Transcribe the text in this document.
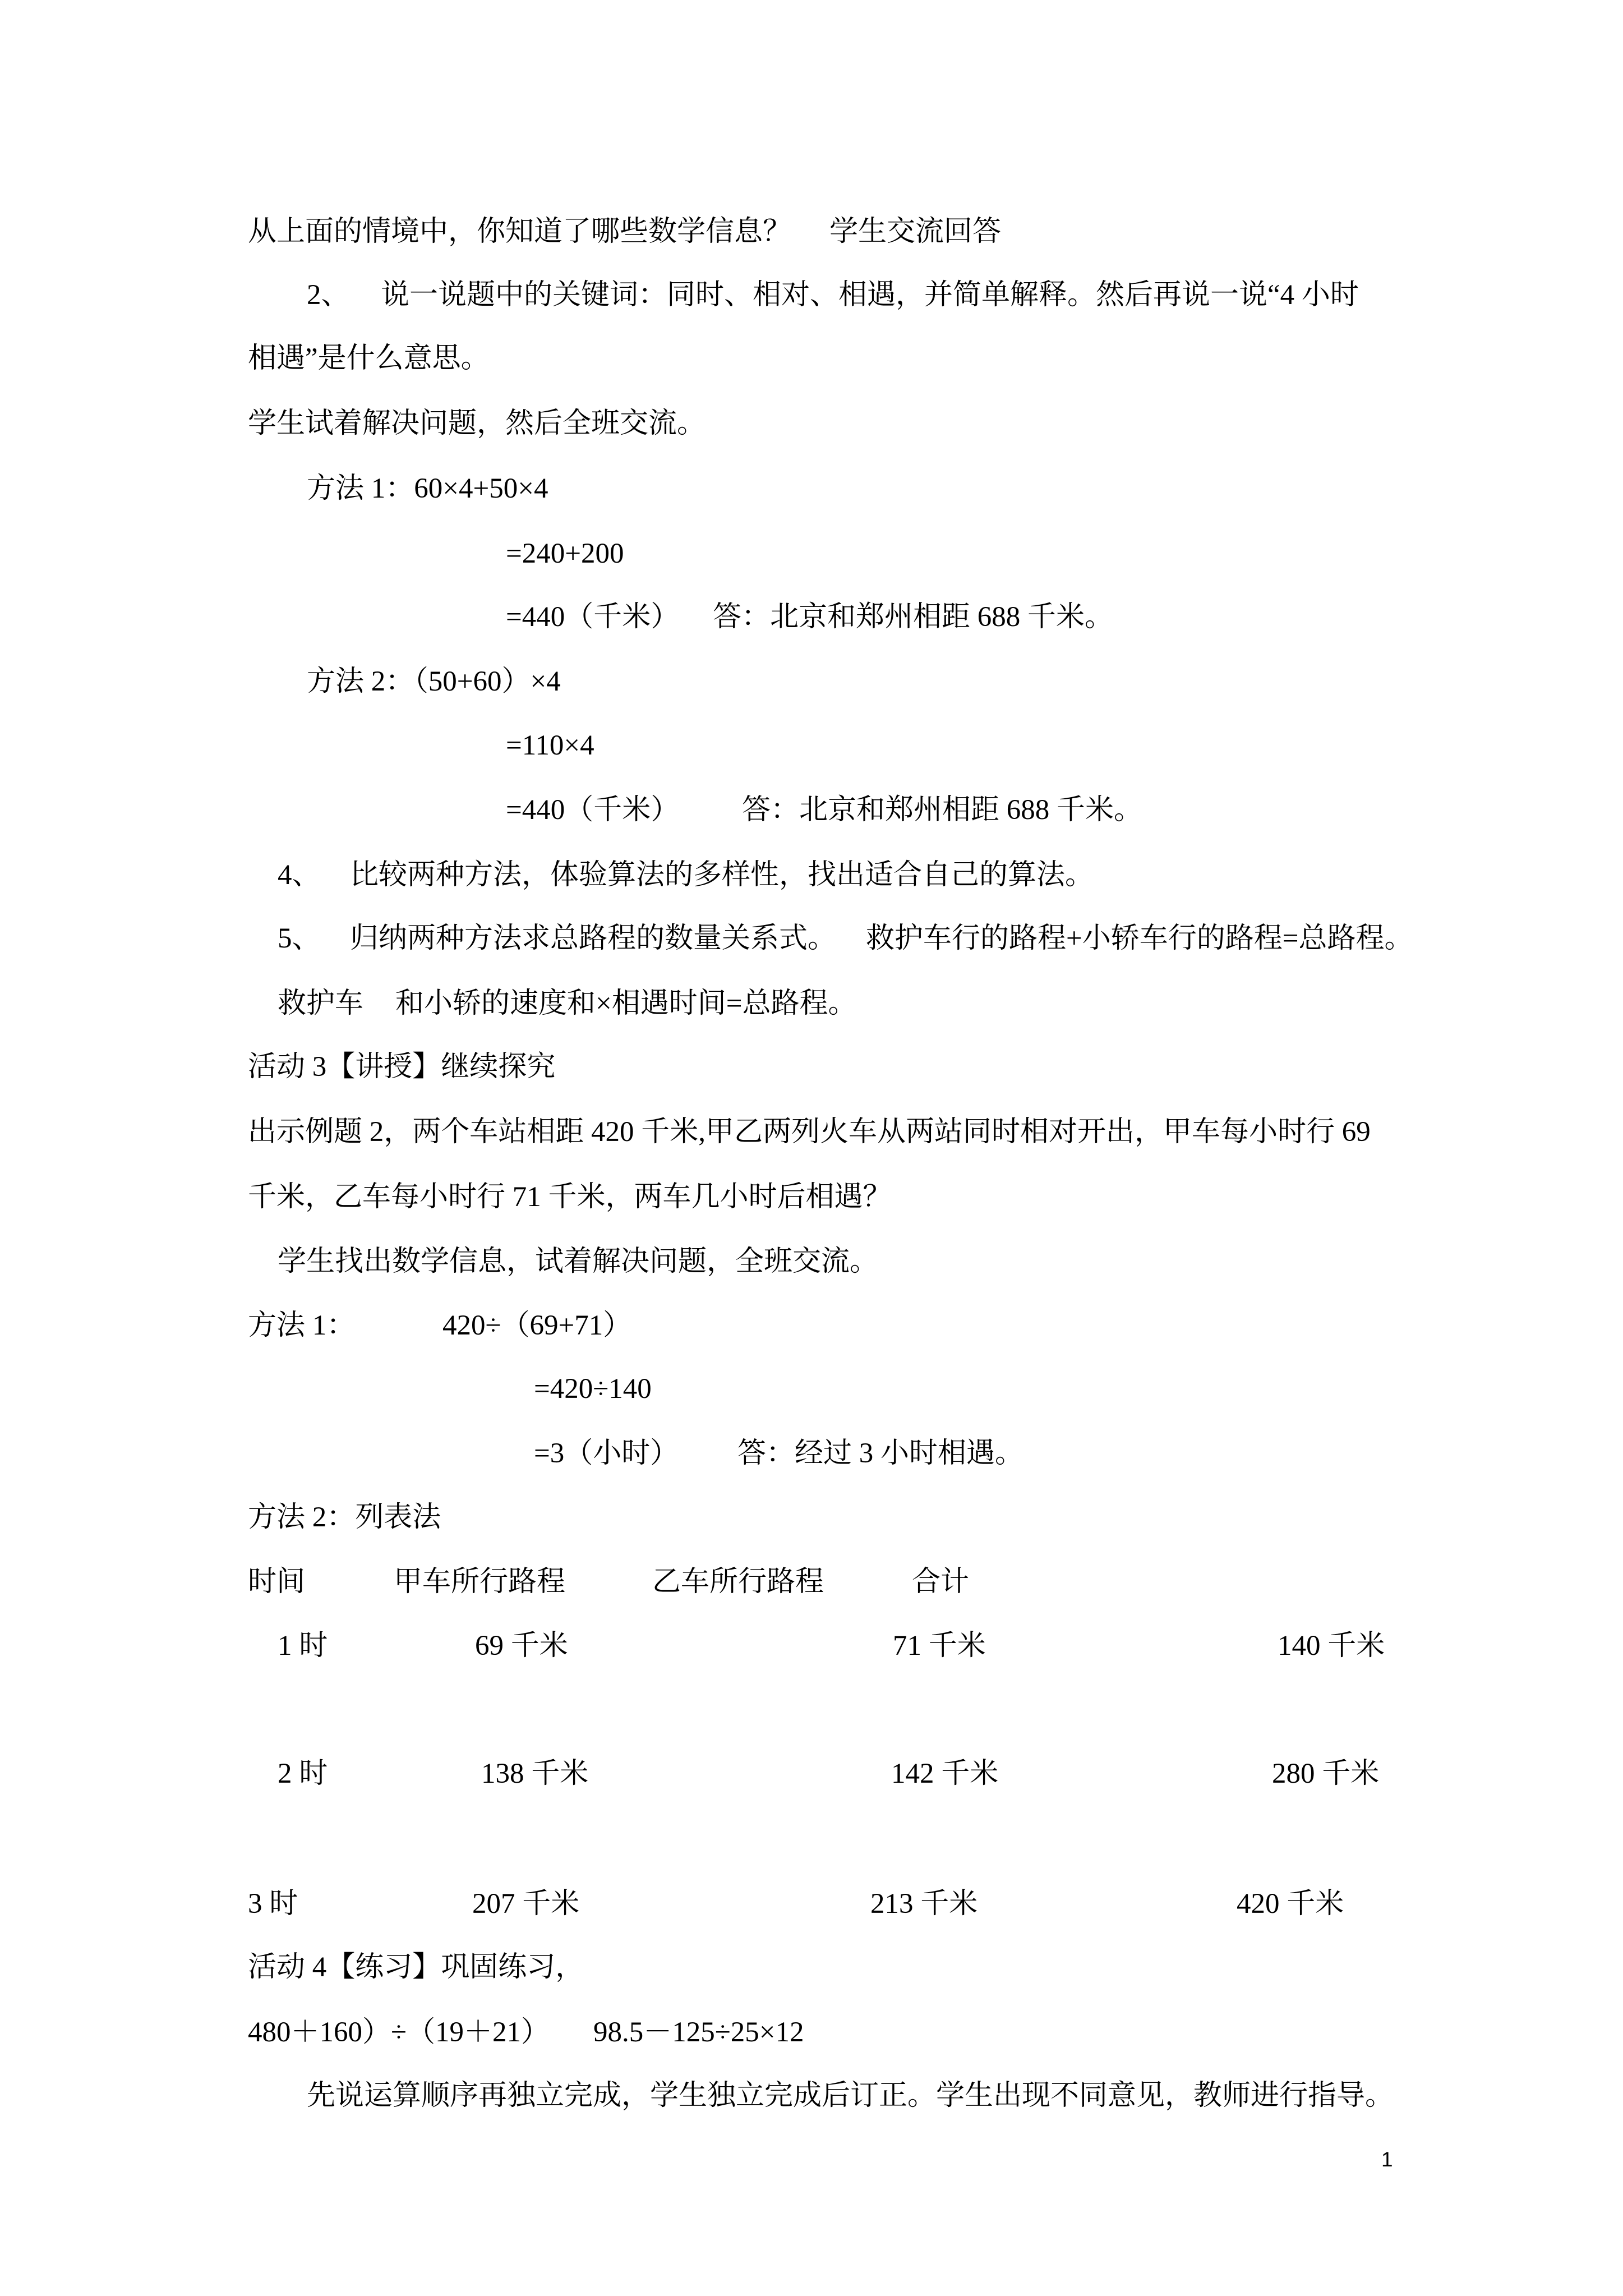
从上面的情境中，你知道了哪些数学信息？ 学生交流回答
2、 说一说题中的关键词：同时、相对、相遇，并简单解释。然后再说一说“4 小时
相遇”是什么意思。
学生试着解决问题，然后全班交流。
方法 1：60×4+50×4
=240+200
=440（千米） 答：北京和郑州相距 688 千米。
方法 2：（50+60）×4
=110×4
=440（千米） 答：北京和郑州相距 688 千米。
4、 比较两种方法，体验算法的多样性，找出适合自己的算法。
5、 归纳两种方法求总路程的数量关系式。 救护车行的路程+小轿车行的路程=总路程。
救护车 和小轿的速度和×相遇时间=总路程。
活动 3【讲授】继续探究
出示例题 2，两个车站相距 420 千米,甲乙两列火车从两站同时相对开出，甲车每小时行 69
千米，乙车每小时行 71 千米，两车几小时后相遇？
学生找出数学信息，试着解决问题，全班交流。
方法 1：	420÷（69+71）
=420÷140
=3（小时） 答：经过 3 小时相遇。
方法 2：列表法
时间	甲车所行路程	乙车所行路程	合计
1 时	69 千米	71 千米	140 千米
2 时	138 千米	142 千米	280 千米
3 时	207 千米	213 千米	420 千米
活动 4【练习】巩固练习，
480＋160）÷（19＋21） 98.5－125÷25×12
先说运算顺序再独立完成，学生独立完成后订正。学生出现不同意见，教师进行指导。
1
